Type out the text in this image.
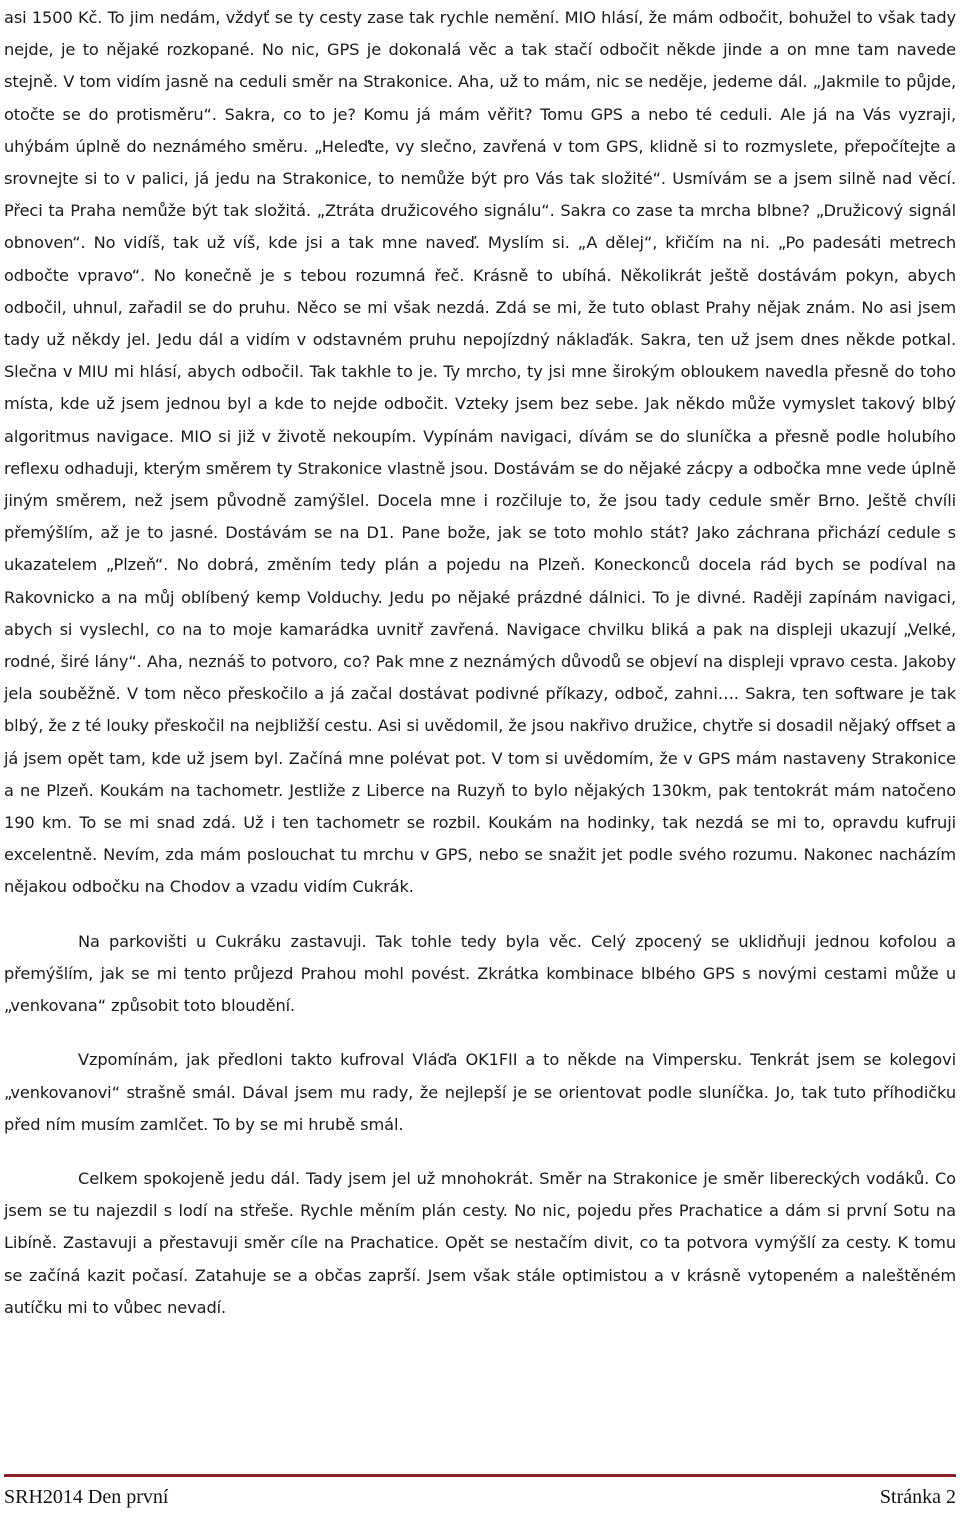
asi 1500 Kč. To jim nedám, vždyť se ty cesty zase tak rychle nemění. MIO hlásí, že mám odbočit, bohužel to však tady nejde, je to nějaké rozkopané. No nic, GPS je dokonalá věc a tak stačí odbočit někde jinde a on mne tam navede stejně. V tom vidím jasně na ceduli směr na Strakonice. Aha, už to mám, nic se neděje, jedeme dál. „Jakmile to půjde, otočte se do protisměru“. Sakra, co to je? Komu já mám věřit? Tomu GPS a nebo té ceduli. Ale já na Vás vyzraji, uhýbám úplně do neznámého směru. „Heleďte, vy slečno, zavřená v tom GPS, klidně si to rozmyslete, přepočítejte a srovnejte si to v palici, já jedu na Strakonice, to nemůže být pro Vás tak složité“. Usmívám se a jsem silně nad věcí. Přeci ta Praha nemůže být tak složitá. „Ztráta družicového signálu“. Sakra co zase ta mrcha blbne? „Družicový signál obnoven“. No vidíš, tak už víš, kde jsi a tak mne naveď. Myslím si. „A dělej“, křičím na ni. „Po padesáti metrech odbočte vpravo“. No konečně je s tebou rozumná řeč. Krásně to ubíhá. Několikrát ještě dostávám pokyn, abych odbočil, uhnul, zařadil se do pruhu. Něco se mi však nezdá. Zdá se mi, že tuto oblast Prahy nějak znám. No asi jsem tady už někdy jel. Jedu dál a vidím v odstavném pruhu nepojízdný náklaďák. Sakra, ten už jsem dnes někde potkal. Slečna v MIU mi hlásí, abych odbočil. Tak takhle to je. Ty mrcho, ty jsi mne širokým obloukem navedla přesně do toho místa, kde už jsem jednou byl a kde to nejde odbočit. Vzteky jsem bez sebe. Jak někdo může vymyslet takový blbý algoritmus navigace. MIO si již v životě nekoupím. Vypínám navigaci, dívám se do sluníčka a přesně podle holubího reflexu odhaduji, kterým směrem ty Strakonice vlastně jsou. Dostávám se do nějaké zácpy a odbočka mne vede úplně jiným směrem, než jsem původně zamýšlel. Docela mne i rozčiluje to, že jsou tady cedule směr Brno. Ještě chvíli přemýšlím, až je to jasné. Dostávám se na D1. Pane bože, jak se toto mohlo stát? Jako záchrana přichází cedule s ukazatelem „Plzeň“. No dobrá, změním tedy plán a pojedu na Plzeň. Koneckonců docela rád bych se podíval na Rakovnicko a na můj oblíbený kemp Volduchy. Jedu po nějaké prázdné dálnici. To je divné. Raději zapínám navigaci, abych si vyslechl, co na to moje kamarádka uvnitř zavřená. Navigace chvilku bliká a pak na displeji ukazují „Velké, rodné, širé lány“. Aha, neznáš to potvoro, co? Pak mne z neznámých důvodů se objeví na displeji vpravo cesta. Jakoby jela souběžně. V tom něco přeskočilo a já začal dostávat podivné příkazy, odboč, zahni…. Sakra, ten software je tak blbý, že z té louky přeskočil na nejbližší cestu. Asi si uvědomil, že jsou nakřivo družice, chytře si dosadil nějaký offset a já jsem opět tam, kde už jsem byl. Začíná mne polévat pot. V tom si uvědomím, že v GPS mám nastaveny Strakonice a ne Plzeň. Koukám na tachometr. Jestliže z Liberce na Ruzyň to bylo nějakých 130km, pak tentokrát mám natočeno 190 km. To se mi snad zdá. Už i ten tachometr se rozbil. Koukám na hodinky, tak nezdá se mi to, opravdu kufruji excelentně. Nevím, zda mám poslouchat tu mrchu v GPS, nebo se snažit jet podle svého rozumu. Nakonec nacházím nějakou odbočku na Chodov a vzadu vidím Cukrák.

Na parkovišti u Cukráku zastavuji. Tak tohle tedy byla věc. Celý zpocený se uklidňuji jednou kofolou a přemýšlím, jak se mi tento průjezd Prahou mohl povést. Zkrátka kombinace blbého GPS s novými cestami může u „venkovana“ způsobit toto bloudění.

Vzpomínám, jak předloni takto kufroval Vláďa OK1FII a to někde na Vimpersku. Tenkrát jsem se kolegovi „venkovanovi“ strašně smál. Dával jsem mu rady, že nejlepší je se orientovat podle sluníčka. Jo, tak tuto příhodičku před ním musím zamlčet. To by se mi hrubě smál.

Celkem spokojeně jedu dál. Tady jsem jel už mnohokrát. Směr na Strakonice je směr libereckých vodáků. Co jsem se tu najezdil s lodí na střeše. Rychle měním plán cesty. No nic, pojedu přes Prachatice a dám si první Sotu na Libíně. Zastavuji a přestavuji směr cíle na Prachatice. Opět se nestačím divit, co ta potvora vymýšlí za cesty. K tomu se začíná kazit počasí. Zatahuje se a občas zaprší. Jsem však stále optimistou a v krásně vytopeném a naleštěném autíčku mi to vůbec nevadí.

SRH2014 Den první	Stránka 2
